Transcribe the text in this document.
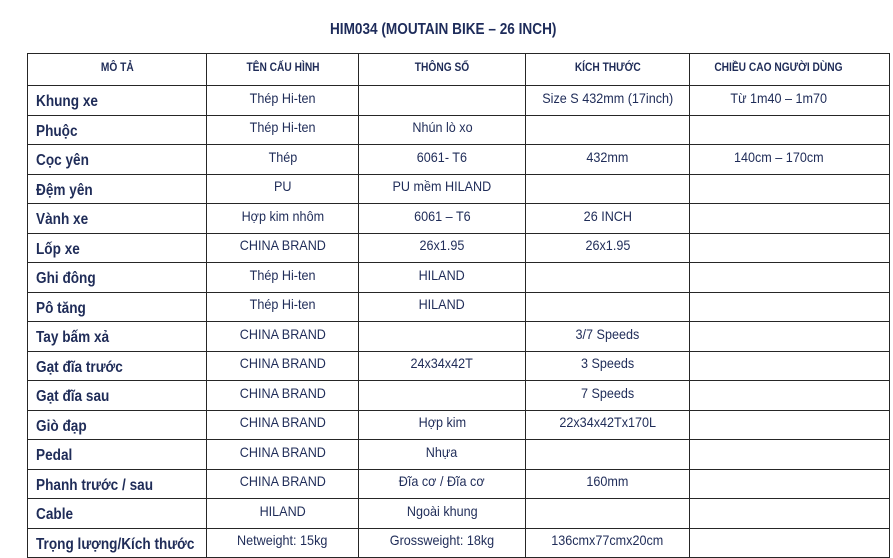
HIM034 (MOUTAIN BIKE – 26 INCH)
MÔ TẢ	TÊN CẤU HÌNH	THÔNG SỐ	KÍCH THƯỚC	CHIỀU CAO NGƯỜI DÙNG
Khung xe	Thép Hi-ten		Size S 432mm (17inch)	Từ 1m40 – 1m70
Phuộc	Thép Hi-ten	Nhún lò xo		
Cọc yên	Thép	6061- T6	432mm	140cm – 170cm
Đệm yên	PU	PU mềm HILAND		
Vành xe	Hợp kim nhôm	6061 – T6	26 INCH	
Lốp xe	CHINA BRAND	26x1.95	26x1.95	
Ghi đông	Thép Hi-ten	HILAND		
Pô tăng	Thép Hi-ten	HILAND		
Tay bấm xả	CHINA BRAND		3/7 Speeds	
Gạt đĩa trước	CHINA BRAND	24x34x42T	3 Speeds	
Gạt đĩa sau	CHINA BRAND		7 Speeds	
Giò đạp	CHINA BRAND	Hợp kim	22x34x42Tx170L	
Pedal	CHINA BRAND	Nhựa		
Phanh trước / sau	CHINA BRAND	Đĩa cơ / Đĩa cơ	160mm	
Cable	HILAND	Ngoài khung		
Trọng lượng/Kích thước	Netweight: 15kg	Grossweight: 18kg	136cmx77cmx20cm	
